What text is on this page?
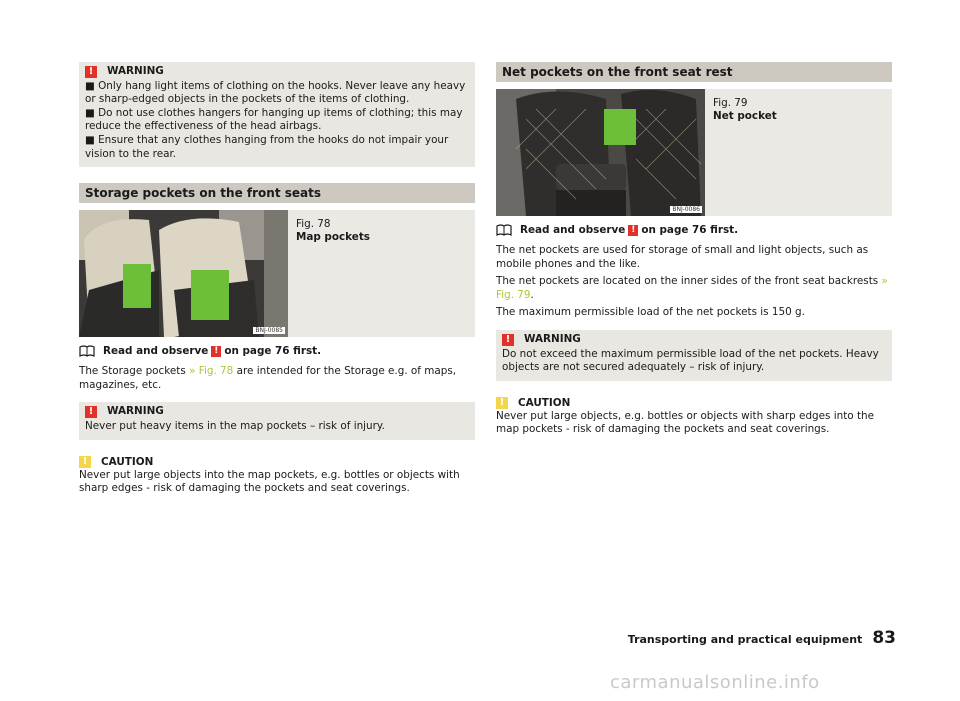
!	WARNING

■ Only hang light items of clothing on the hooks. Never leave any heavy or sharp-edged objects in the pockets of the items of clothing.

■ Do not use clothes hangers for hanging up items of clothing; this may reduce the effectiveness of the head airbags.

■ Ensure that any clothes hanging from the hooks do not impair your vision to the rear.

Storage pockets on the front seats
BNJ-0085
Fig. 78
Map pockets
Read and observe ! on page 76 first.

The Storage pockets » Fig. 78 are intended for the Storage e.g. of maps, magazines, etc.

!	WARNING
Never put heavy items in the map pockets – risk of injury.
!	CAUTION

Never put large objects into the map pockets, e.g. bottles or objects with sharp edges - risk of damaging the pockets and seat coverings.

Net pockets on the front seat rest
BNJ-0086
Fig. 79
Net pocket
Read and observe ! on page 76 first.

The net pockets are used for storage of small and light objects, such as mobile phones and the like.

The net pockets are located on the inner sides of the front seat backrests » Fig. 79.

The maximum permissible load of the net pockets is 150 g.

!	WARNING
Do not exceed the maximum permissible load of the net pockets. Heavy objects are not secured adequately – risk of injury.
!	CAUTION

Never put large objects, e.g. bottles or objects with sharp edges into the map pockets - risk of damaging the pockets and seat coverings.

Transporting and practical equipment 83
carmanualsonline.info
